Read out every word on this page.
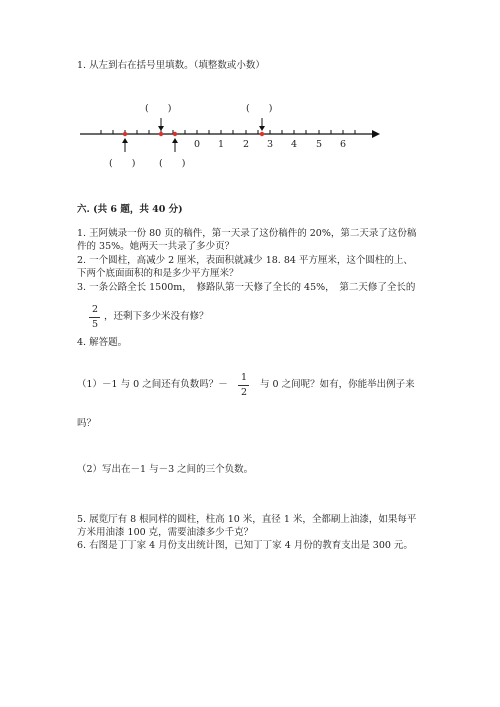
1. 从左到右在括号里填数。（填整数或小数）
(　　)	(　　)
(　　) (　　)
0 1 2 3 4 5 6
六. (共 6 题，共 40 分)
1. 王阿姨录一份 80 页的稿件，第一天录了这份稿件的 20%，第二天录了这份稿
件的 35%。她两天一共录了多少页？
2. 一个圆柱，高减少 2 厘米，表面积就减少 18. 84 平方厘米，这个圆柱的上、
下两个底面面积的和是多少平方厘米？
3. 一条公路全长 1500m，　修路队第一天修了全长的 45%，　第二天修了全长的
2
5
，还剩下多少米没有修？
4. 解答题。
（1）－1 与 0 之间还有负数吗？－
1
2
与 0 之间呢？如有，你能举出例子来
吗？
（2）写出在－1 与－3 之间的三个负数。
5. 展览厅有 8 根同样的圆柱，柱高 10 米，直径 1 米，全都刷上油漆，如果每平
方米用油漆 100 克，需要油漆多少千克？
6. 右图是丁丁家 4 月份支出统计图，已知丁丁家 4 月份的教育支出是 300 元。
